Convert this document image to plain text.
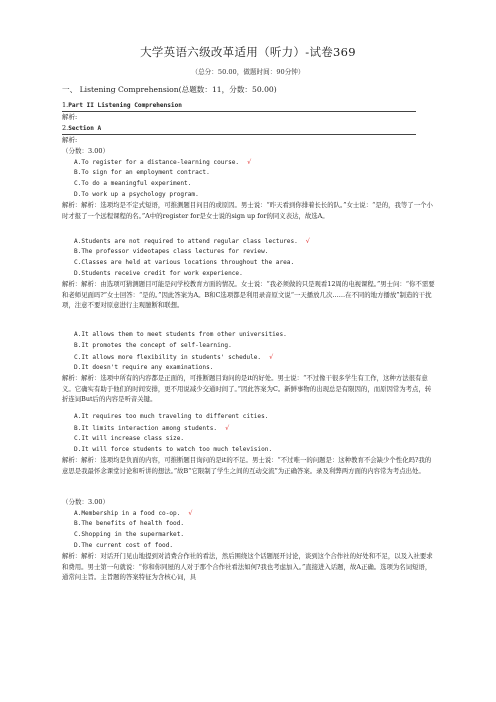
大学英语六级改革适用（听力）-试卷369
（总分：50.00，做题时间：90分钟）
一、 Listening Comprehension(总题数：11，分数：50.00)
1.Part II Listening Comprehension
解析:
2.Section A
解析:
（分数：3.00）
A.To register for a distance-learning course. √
B.To sign for an employment contract.
C.To do a meaningful experiment.
D.To work up a psychology program.
解析：解析：选项均是不定式短语，可推测题目问目的或原因。男士说：“昨天看到你排着长长的队。”女士说：“是的，我等了一个小时才报了一个远程课程的名。”A中的register for是女士说的sign up for的同义表达，故选A。
A.Students are not required to attend regular class lectures. √
B.The professor videotapes class lectures for review.
C.Classes are held at various locations throughout the area.
D.Students receive credit for work experience.
解析：解析：由选项可猜测题目可能是问学校教育方面的情况。女士说：“我必须做的只是观看12周的电视课程。”男士问：“你不需要和老师见面吗?”女士回答：“是的。”因此答案为A。B和C选项都是利用录音原文说“一天播放几次……在不同的地方播放”制造的干扰项，注意不要对原意进行主观臆断和联想。
A.It allows them to meet students from other universities.
B.It promotes the concept of self-learning.
C.It allows more flexibility in students' schedule. √
D.It doesn't require any examinations.
解析：解析：选项中所有的内容都是正面的，可推断题目询问的是it的好处。男士说：“不过像干很多学生有工作，这种方法很有意义。它确实有助于他们的时间安排，更不用说减少交通时间了。”因此答案为C。新鲜事物的出现总是有限因的，而原因常为考点，转折连词But后的内容是听音关键。
A.It requires too much traveling to different cities.
B.It limits interaction among students. √
C.It will increase class size.
D.It will force students to watch too much television.
解析：解析：选项均是负面的内容，可推断题目询问的是it的不足。男士说：“不过唯一的问题是：这种教育不会缺少个性化吗?我的意思是我最怀念课堂讨论和听讲的想法。”故B“它限制了学生之间的互动交流”为正确答案。录及利弊两方面的内容常为考点出处。
（分数：3.00）
A.Membership in a food co-op. √
B.The benefits of health food.
C.Shopping in the supermarket.
D.The current cost of food.
解析：解析：对话开门见山地提到对消费合作社的看法，然后围绕这个话题展开讨论，谈到这个合作社的好处和不足，以及入社要求和费用。男士第一句就说：“你和你同屋的人对于那个合作社看法如何?我也考虑加入。”直接进入话题，故A正确。选项为名词短语，通常问主旨。主旨题的答案特征为含核心词，具
